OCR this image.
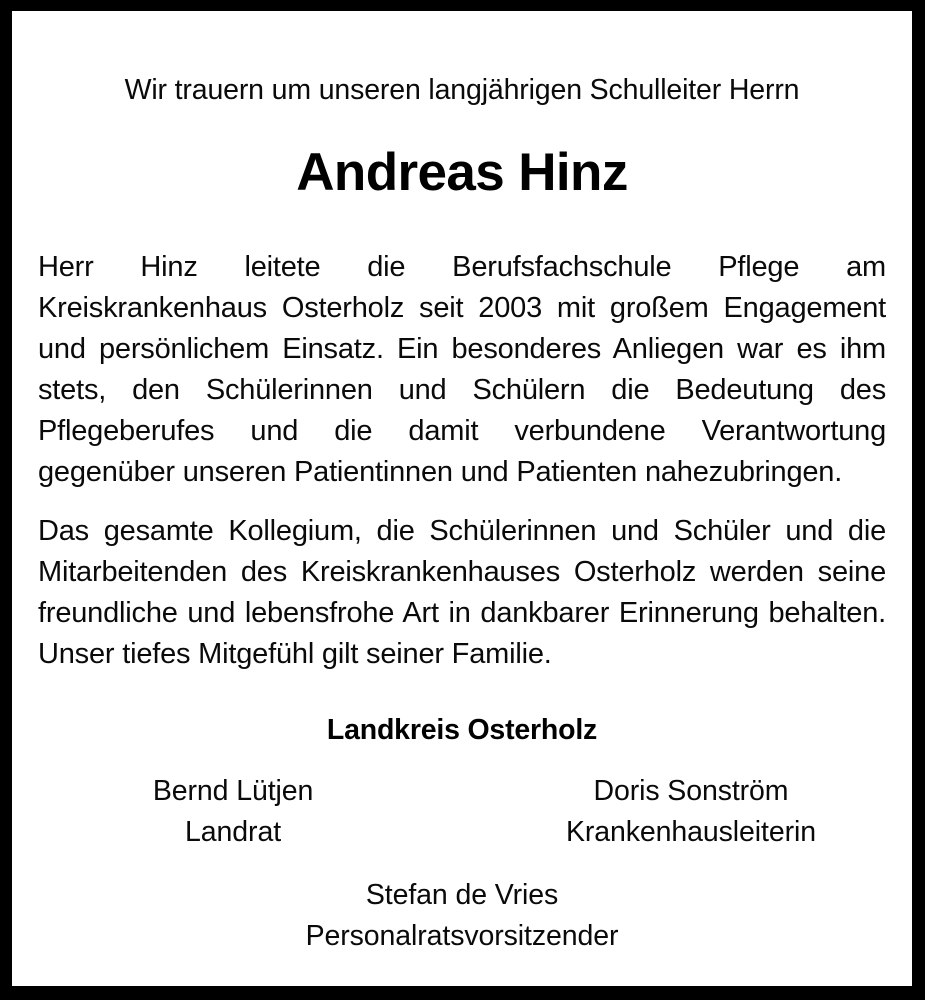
Wir trauern um unseren langjährigen Schulleiter Herrn

Andreas Hinz

Herr Hinz leitete die Berufsfachschule Pflege am Kreiskrankenhaus Osterholz seit 2003 mit großem Engagement und persönlichem Einsatz. Ein besonderes Anliegen war es ihm stets, den Schülerinnen und Schülern die Bedeutung des Pflegeberufes und die damit verbundene Verantwortung gegenüber unseren Patientinnen und Patienten nahezubringen.

Das gesamte Kollegium, die Schülerinnen und Schüler und die Mitarbeitenden des Kreiskrankenhauses Osterholz werden seine freundliche und lebensfrohe Art in dankbarer Erinnerung behalten. Unser tiefes Mitgefühl gilt seiner Familie.

Landkreis Osterholz

Bernd Lütjen

Landrat

Doris Sonström

Krankenhausleiterin

Stefan de Vries

Personalratsvorsitzender
